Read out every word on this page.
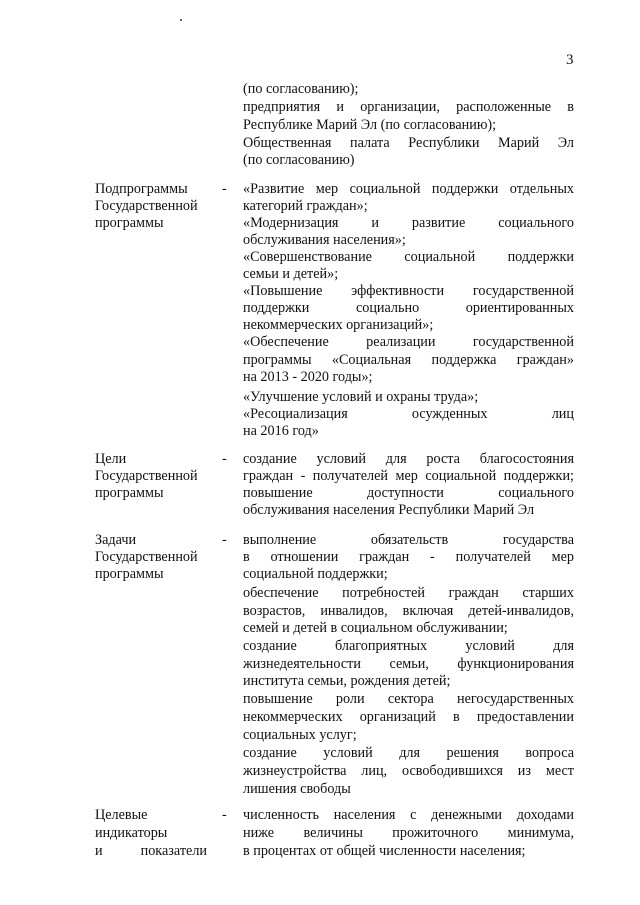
3
(по согласованию);
предприятия и организации, расположенные в
Республике Марий Эл (по согласованию);
Общественная палата Республики Марий Эл
(по согласованию)
Подпрограммы
Государственной
программы
- «Развитие мер социальной поддержки отдельных
категорий граждан»;
«Модернизация и развитие социального
обслуживания населения»;
«Совершенствование социальной поддержки
семьи и детей»;
«Повышение эффективности государственной
поддержки социально ориентированных
некоммерческих организаций»;
«Обеспечение реализации государственной
программы «Социальная поддержка граждан»
на 2013 - 2020 годы»;
«Улучшение условий и охраны труда»;
«Ресоциализация осужденных лиц
на 2016 год»
Цели
Государственной
программы
- создание условий для роста благосостояния
граждан - получателей мер социальной поддержки;
повышение доступности социального
обслуживания населения Республики Марий Эл
Задачи
Государственной
программы
- выполнение обязательств государства
в отношении граждан - получателей мер
социальной поддержки;
обеспечение потребностей граждан старших
возрастов, инвалидов, включая детей-инвалидов,
семей и детей в социальном обслуживании;
создание благоприятных условий для
жизнедеятельности семьи, функционирования
института семьи, рождения детей;
повышение роли сектора негосударственных
некоммерческих организаций в предоставлении
социальных услуг;
создание условий для решения вопроса
жизнеустройства лиц, освободившихся из мест
лишения свободы
Целевые
индикаторы
и показатели
- численность населения с денежными доходами
ниже величины прожиточного минимума,
в процентах от общей численности населения;
